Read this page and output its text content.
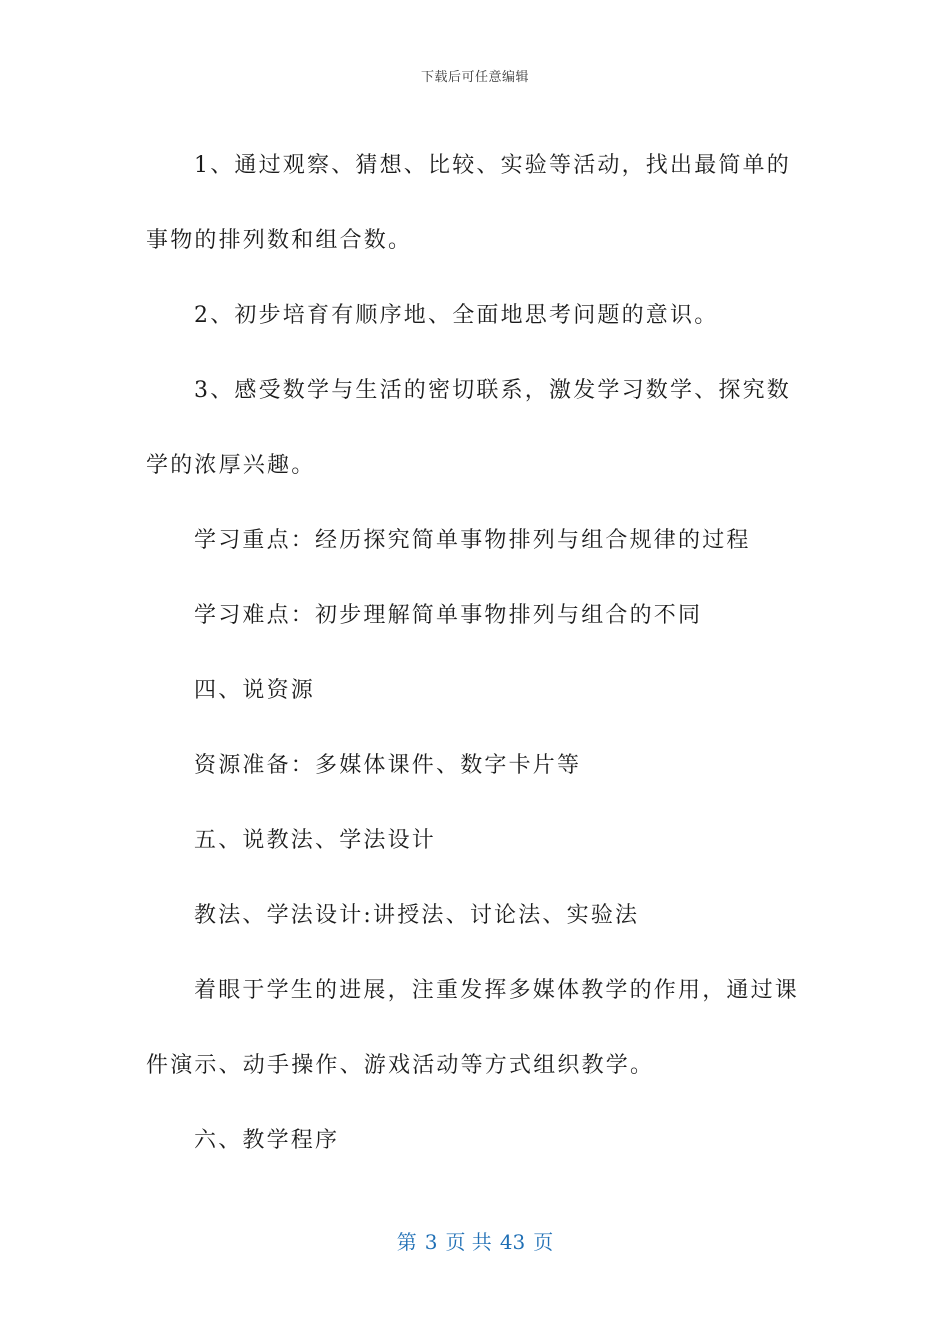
下载后可任意编辑

1、通过观察、猜想、比较、实验等活动，找出最简单的事物的排列数和组合数。

2、初步培育有顺序地、全面地思考问题的意识。

3、感受数学与生活的密切联系，激发学习数学、探究数学的浓厚兴趣。

学习重点：经历探究简单事物排列与组合规律的过程

学习难点：初步理解简单事物排列与组合的不同

四、说资源

资源准备：多媒体课件、数字卡片等

五、说教法、学法设计

教法、学法设计:讲授法、讨论法、实验法

着眼于学生的进展，注重发挥多媒体教学的作用，通过课件演示、动手操作、游戏活动等方式组织教学。

六、教学程序

第 3 页 共 43 页
